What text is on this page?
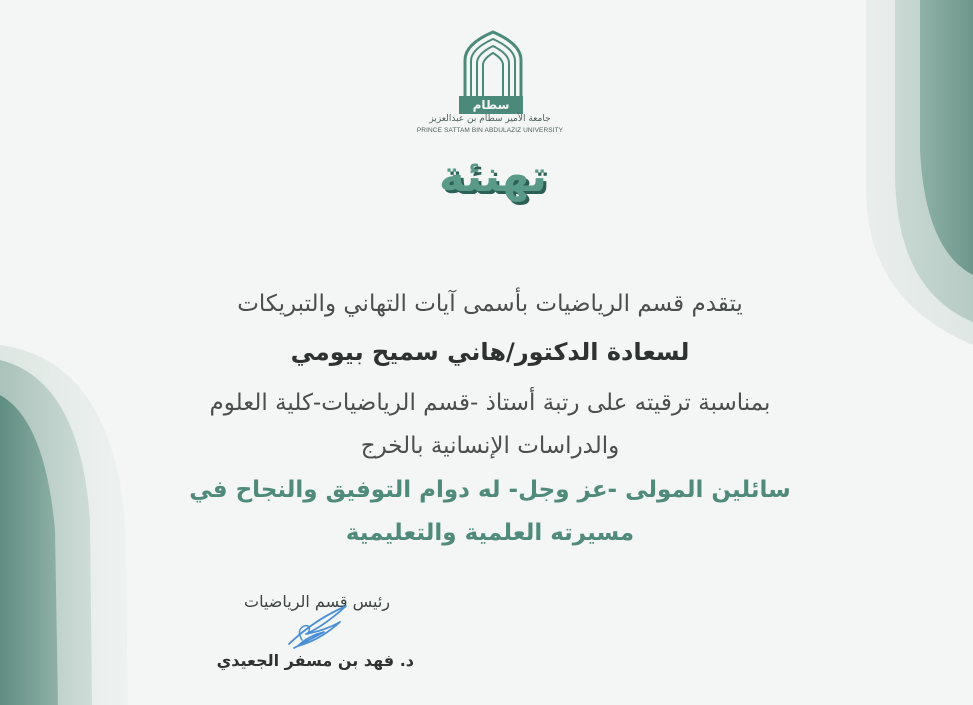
سطام
جامعة الأمير سطام بن عبدالعزيز
PRINCE SATTAM BIN ABDULAZIZ UNIVERSITY
تهنئة
يتقدم قسم الرياضيات بأسمى آيات التهاني والتبريكات
لسعادة الدكتور/هاني سميح بيومي
بمناسبة ترقيته على رتبة أستاذ -قسم الرياضيات-كلية العلوم
والدراسات الإنسانية بالخرج
سائلين المولى -عز وجل- له دوام التوفيق والنجاح في
مسيرته العلمية والتعليمية
رئيس قسم الرياضيات
د. فهد بن مسفر الجعيدي
